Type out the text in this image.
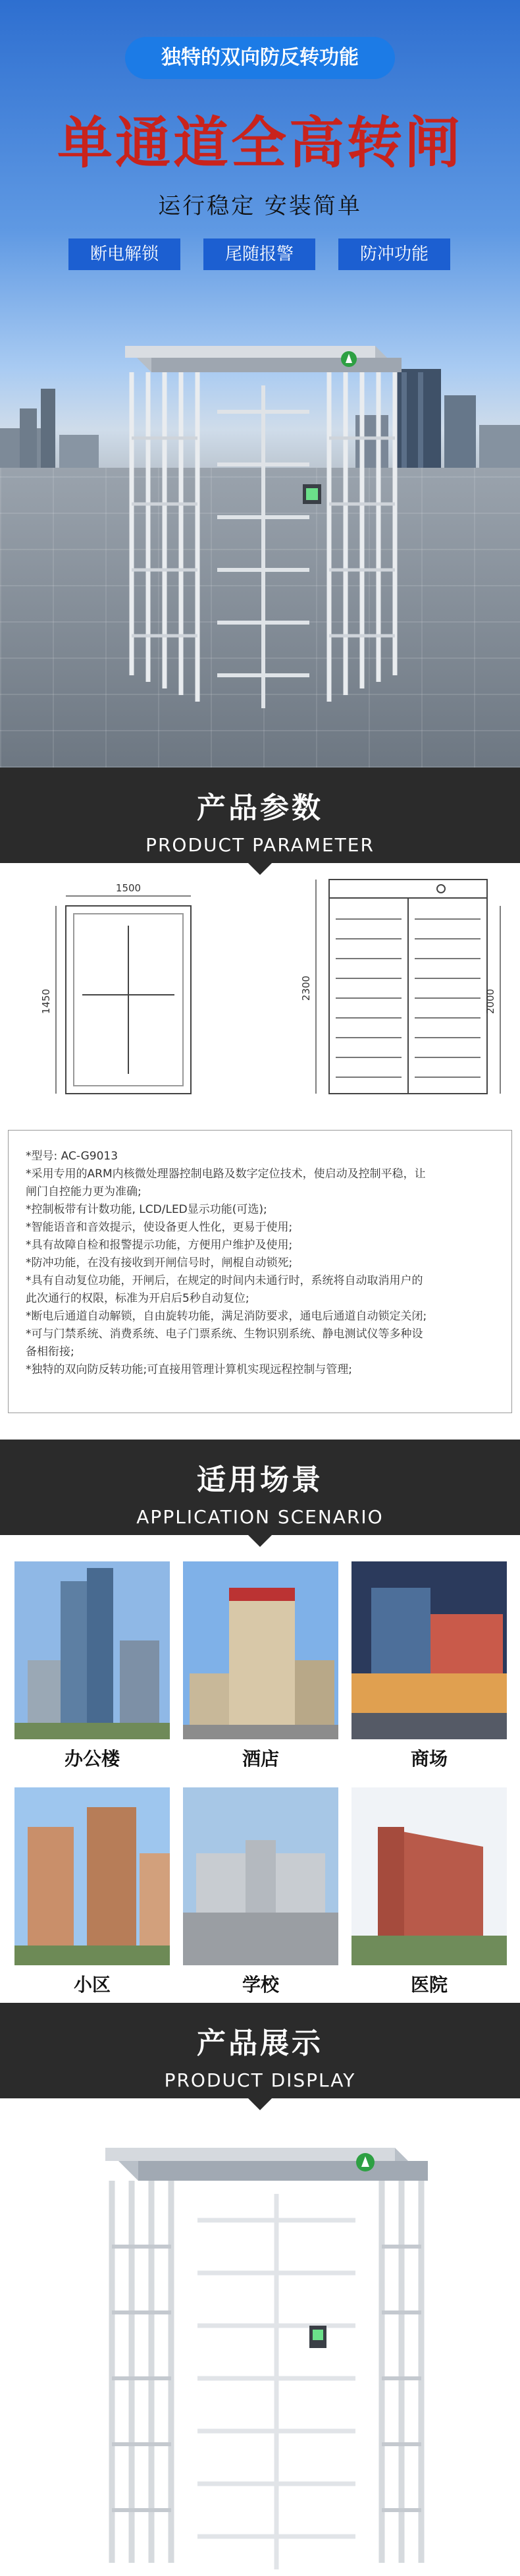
独特的双向防反转功能
单通道全高转闸
运行稳定 安装简单
断电解锁	尾随报警	防冲功能
产品参数
PRODUCT PARAMETER
1500
1450
2300
2000
*型号: AC-G9013
*采用专用的ARM内核微处理器控制电路及数字定位技术，使启动及控制平稳，让
闸门自控能力更为准确;
*控制板带有计数功能, LCD/LED显示功能(可选);
*智能语音和音效提示，使设备更人性化，更易于使用;
*具有故障自检和报警提示功能，方便用户维护及使用;
*防冲功能，在没有接收到开闸信号时，闸棍自动锁死;
*具有自动复位功能，开闸后，在规定的时间内未通行时，系统将自动取消用户的
此次通行的权限，标准为开启后5秒自动复位;
*断电后通道自动解锁，自由旋转功能，满足消防要求，通电后通道自动锁定关闭;
*可与门禁系统、消费系统、电子门票系统、生物识别系统、静电测试仪等多种设
备相衔接;
*独特的双向防反转功能;可直接用管理计算机实现远程控制与管理;
适用场景
APPLICATION SCENARIO
办公楼	酒店	商场
小区	学校	医院
产品展示
PRODUCT DISPLAY
